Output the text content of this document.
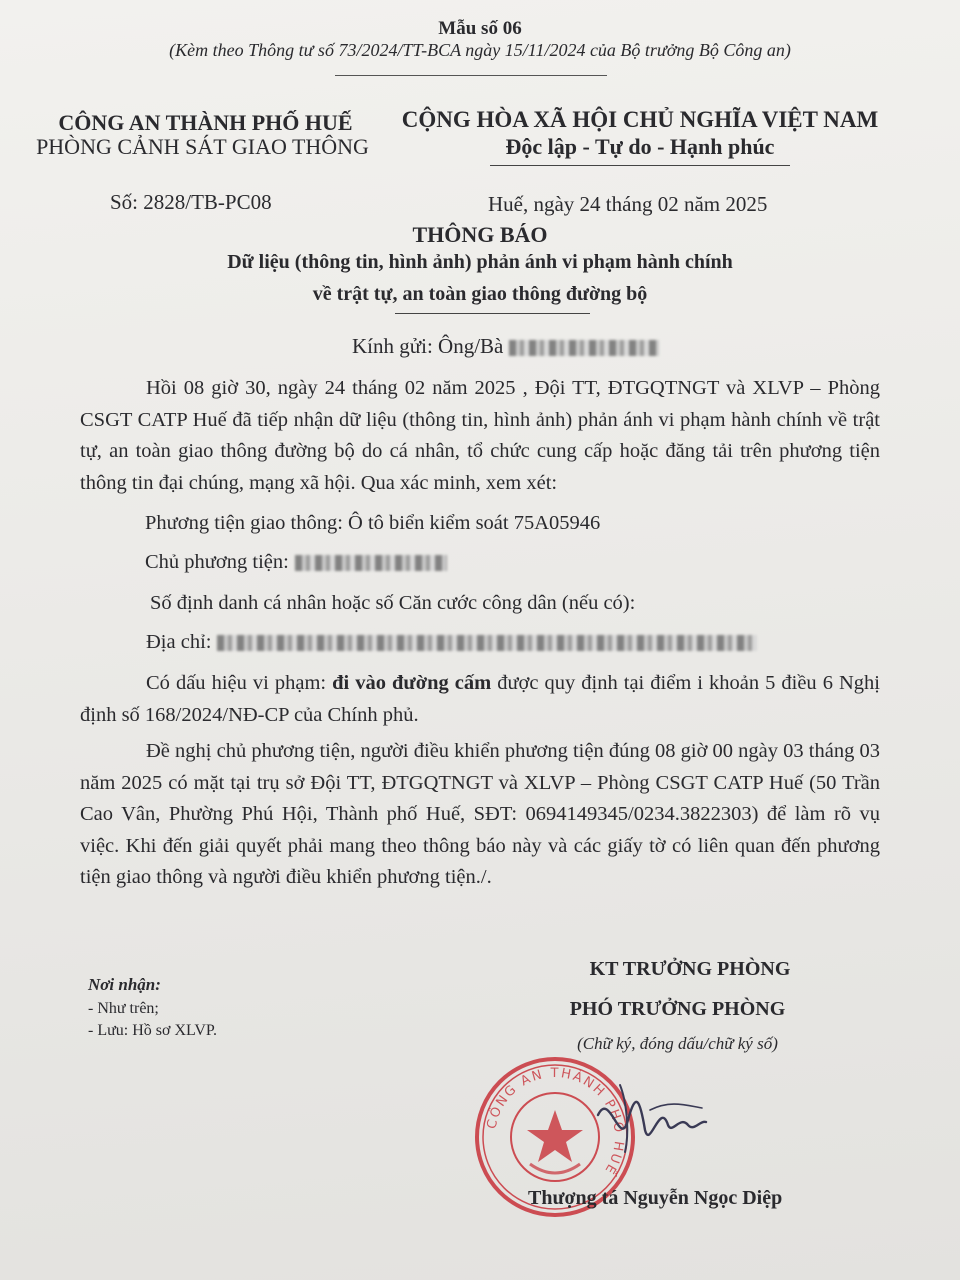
Mẫu số 06
(Kèm theo Thông tư số 73/2024/TT-BCA ngày 15/11/2024 của Bộ trưởng Bộ Công an)
CÔNG AN THÀNH PHỐ HUẾ
PHÒNG CẢNH SÁT GIAO THÔNG
CỘNG HÒA XÃ HỘI CHỦ NGHĨA VIỆT NAM
Độc lập - Tự do - Hạnh phúc
Số: 2828/TB-PC08	Huế, ngày 24 tháng 02 năm 2025
THÔNG BÁO
Dữ liệu (thông tin, hình ảnh) phản ánh vi phạm hành chính
về trật tự, an toàn giao thông đường bộ
Kính gửi: Ông/Bà
Hồi 08 giờ 30, ngày 24 tháng 02 năm 2025 , Đội TT, ĐTGQTNGT và XLVP – Phòng CSGT CATP Huế đã tiếp nhận dữ liệu (thông tin, hình ảnh) phản ánh vi phạm hành chính về trật tự, an toàn giao thông đường bộ do cá nhân, tổ chức cung cấp hoặc đăng tải trên phương tiện thông tin đại chúng, mạng xã hội. Qua xác minh, xem xét:
Phương tiện giao thông: Ô tô biển kiểm soát 75A05946
Chủ phương tiện:
Số định danh cá nhân hoặc số Căn cước công dân (nếu có):
Địa chỉ:
Có dấu hiệu vi phạm: đi vào đường cấm được quy định tại điểm i khoản 5 điều 6 Nghị định số 168/2024/NĐ-CP của Chính phủ.
Đề nghị chủ phương tiện, người điều khiển phương tiện đúng 08 giờ 00 ngày 03 tháng 03 năm 2025 có mặt tại trụ sở Đội TT, ĐTGQTNGT và XLVP – Phòng CSGT CATP Huế (50 Trần Cao Vân, Phường Phú Hội, Thành phố Huế, SĐT: 0694149345/0234.3822303) để làm rõ vụ việc. Khi đến giải quyết phải mang theo thông báo này và các giấy tờ có liên quan đến phương tiện giao thông và người điều khiển phương tiện./.
Nơi nhận:
- Như trên;
- Lưu: Hồ sơ XLVP.
KT TRƯỞNG PHÒNG
PHÓ TRƯỞNG PHÒNG
(Chữ ký, đóng dấu/chữ ký số)
CÔNG AN THÀNH PHỐ HUẾ
Thượng tá Nguyễn Ngọc Diệp
